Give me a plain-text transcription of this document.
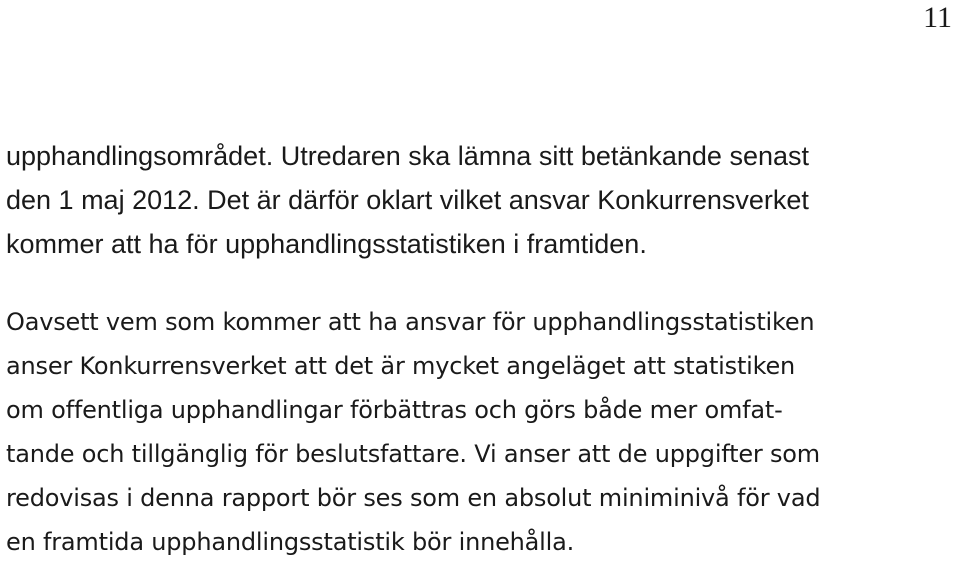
11

upphandlingsområdet. Utredaren ska lämna sitt betänkande senast
den 1 maj 2012. Det är därför oklart vilket ansvar Konkurrensverket
kommer att ha för upphandlingsstatistiken i framtiden.

Oavsett vem som kommer att ha ansvar för upphandlingsstatistiken
anser Konkurrensverket att det är mycket angeläget att statistiken
om offentliga upphandlingar förbättras och görs både mer omfat-
tande och tillgänglig för beslutsfattare. Vi anser att de uppgifter som
redovisas i denna rapport bör ses som en absolut miniminivå för vad
en framtida upphandlingsstatistik bör innehålla.
